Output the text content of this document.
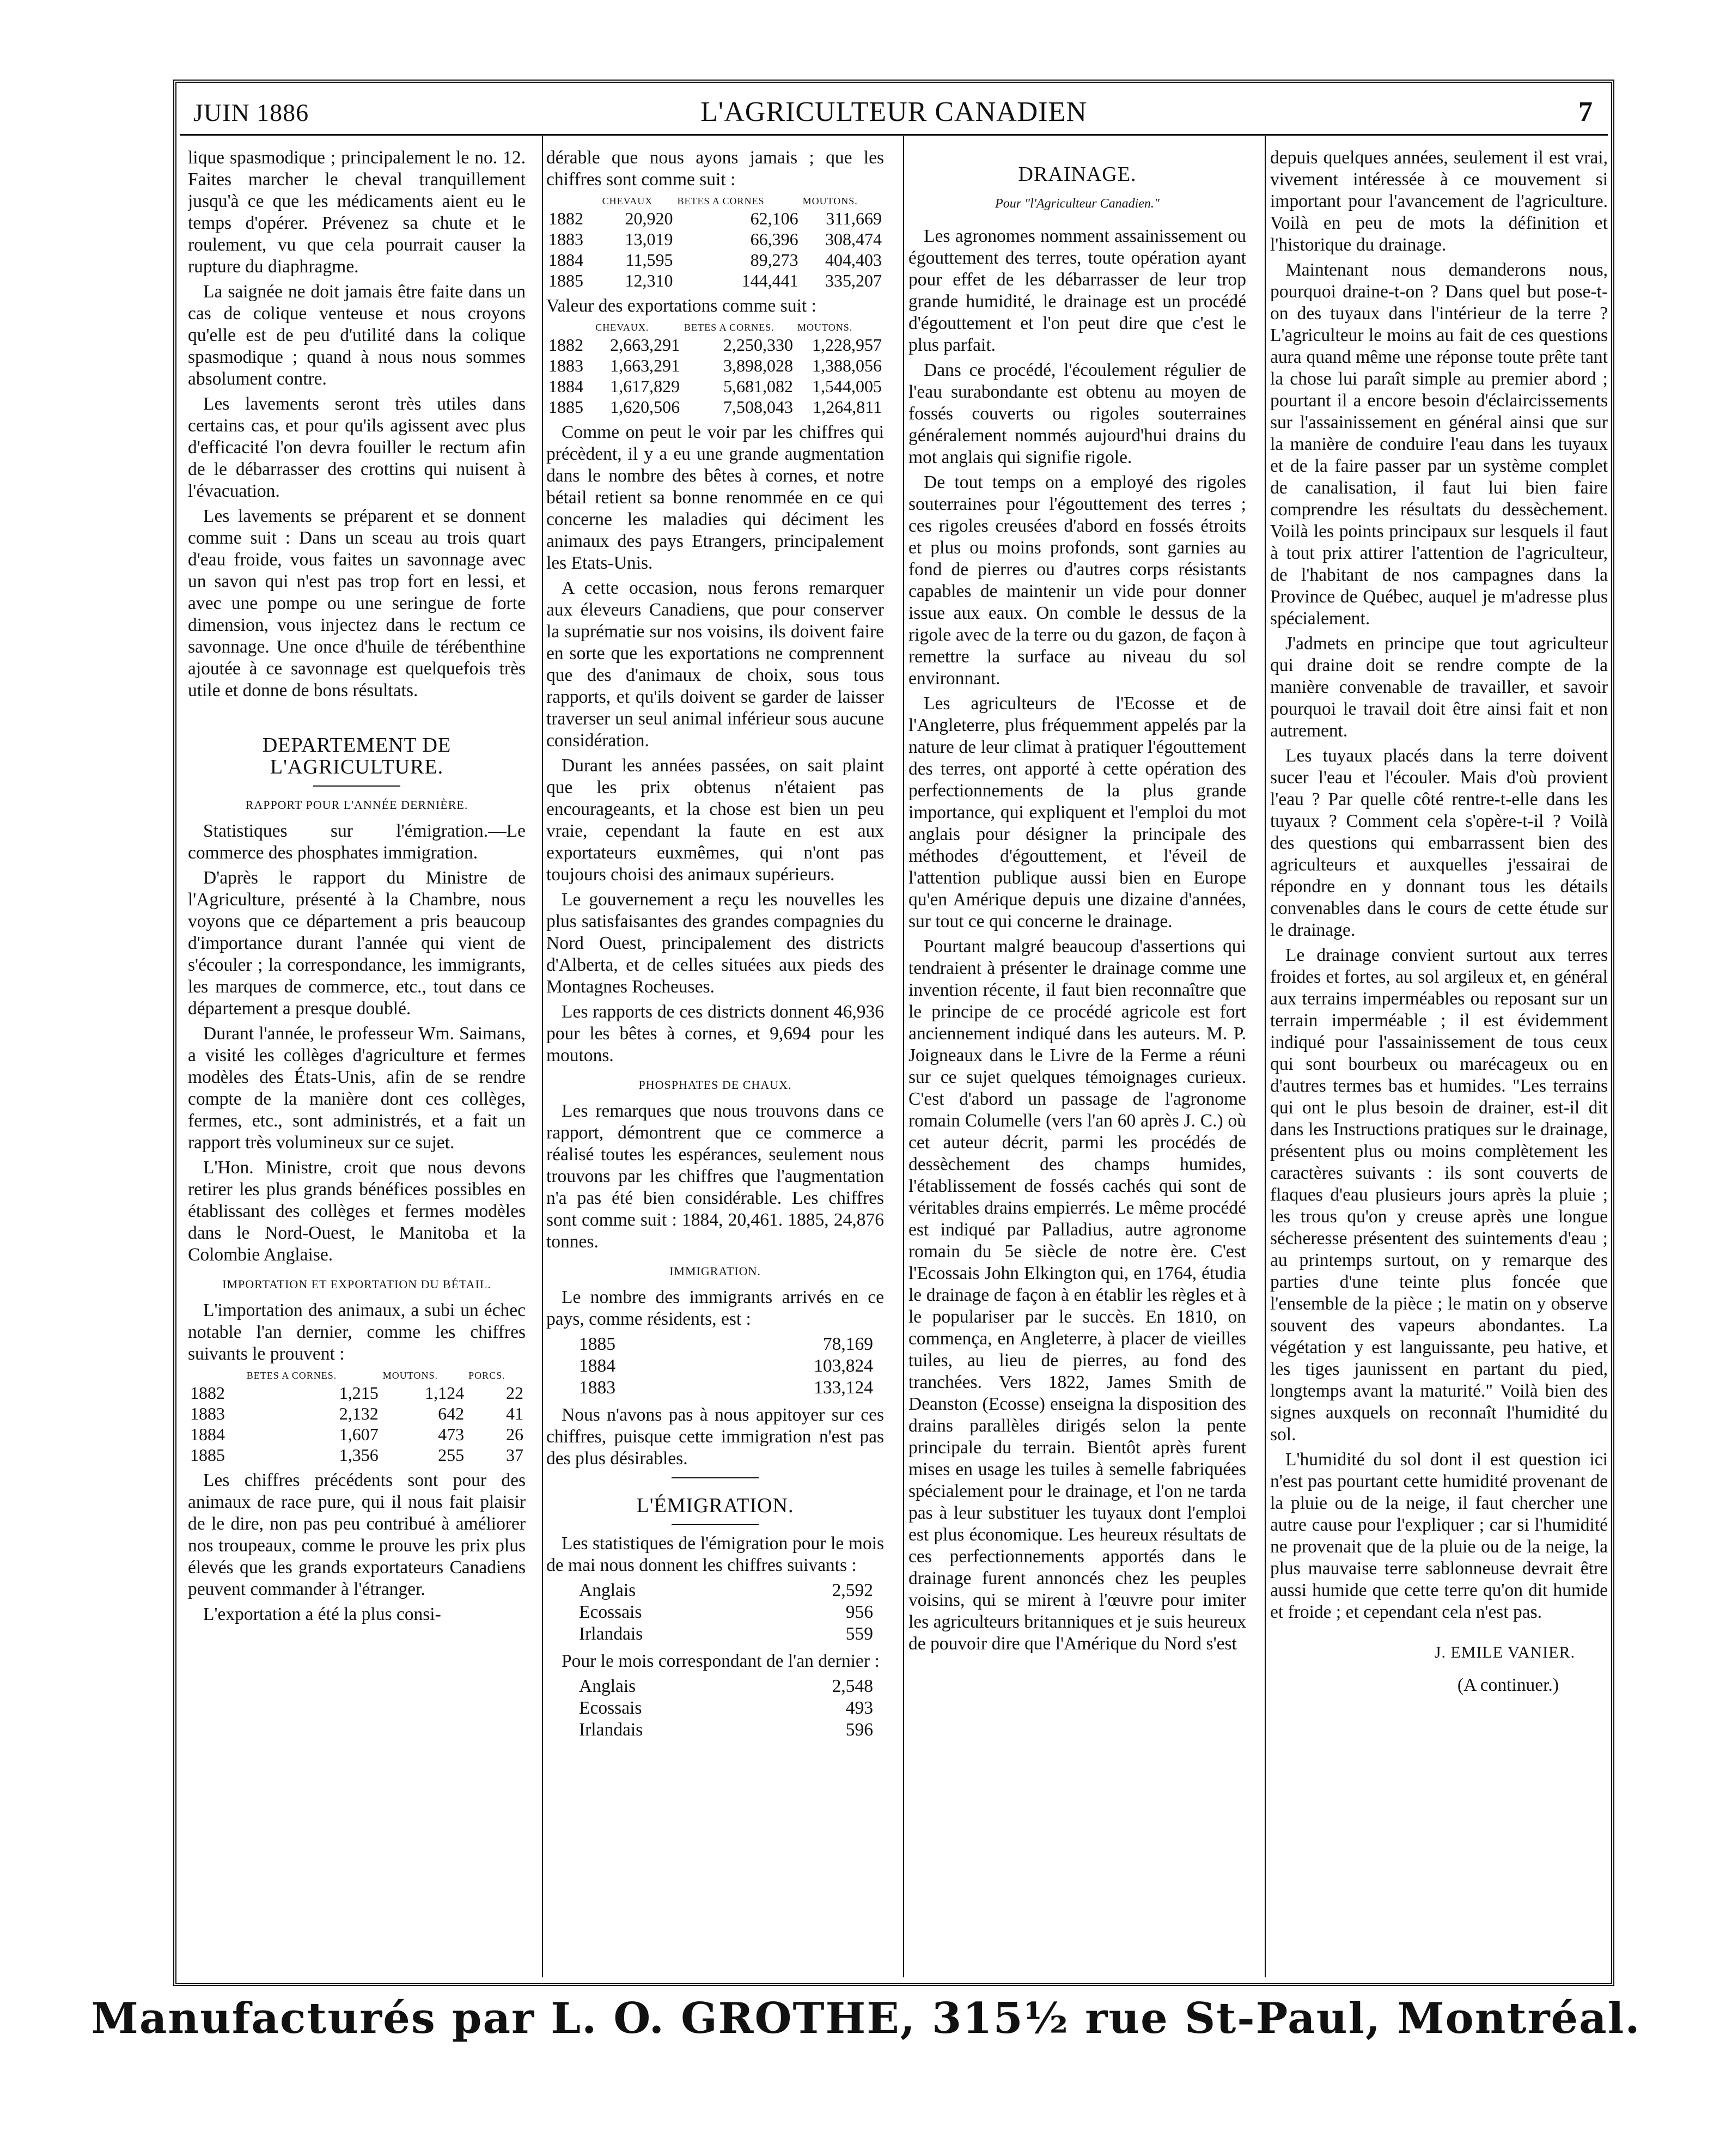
JUIN 1886	L'AGRICULTEUR CANADIEN	7

lique spasmodique ; principalement le no. 12. Faites marcher le cheval tranquillement jusqu'à ce que les médicaments aient eu le temps d'opérer. Prévenez sa chute et le roulement, vu que cela pourrait causer la rupture du diaphragme.

La saignée ne doit jamais être faite dans un cas de colique venteuse et nous croyons qu'elle est de peu d'utilité dans la colique spasmodique ; quand à nous nous sommes absolument contre.

Les lavements seront très utiles dans certains cas, et pour qu'ils agissent avec plus d'efficacité l'on devra fouiller le rectum afin de le débarrasser des crottins qui nuisent à l'évacuation.

Les lavements se préparent et se donnent comme suit : Dans un sceau au trois quart d'eau froide, vous faites un savonnage avec un savon qui n'est pas trop fort en lessi, et avec une pompe ou une seringue de forte dimension, vous injectez dans le rectum ce savonnage. Une once d'huile de térébenthine ajoutée à ce savonnage est quelquefois très utile et donne de bons résultats.

DEPARTEMENT DE L'AGRICULTURE.
RAPPORT POUR L'ANNÉE DERNIÈRE.

Statistiques sur l'émigration.—Le commerce des phosphates immigration.

D'après le rapport du Ministre de l'Agriculture, présenté à la Chambre, nous voyons que ce département a pris beaucoup d'importance durant l'année qui vient de s'écouler ; la correspondance, les immigrants, les marques de commerce, etc., tout dans ce département a presque doublé.

Durant l'année, le professeur Wm. Saimans, a visité les collèges d'agriculture et fermes modèles des États-Unis, afin de se rendre compte de la manière dont ces collèges, fermes, etc., sont administrés, et a fait un rapport très volumineux sur ce sujet.

L'Hon. Ministre, croit que nous devons retirer les plus grands bénéfices possibles en établissant des collèges et fermes modèles dans le Nord-Ouest, le Manitoba et la Colombie Anglaise.

IMPORTATION ET EXPORTATION DU BÉTAIL.

L'importation des animaux, a subi un échec notable l'an dernier, comme les chiffres suivants le prouvent :

	BETES A CORNES.	MOUTONS.	PORCS.
1882	1,215	1,124	22
1883	2,132	642	41
1884	1,607	473	26
1885	1,356	255	37

Les chiffres précédents sont pour des animaux de race pure, qui il nous fait plaisir de le dire, non pas peu contribué à améliorer nos troupeaux, comme le prouve les prix plus élevés que les grands exportateurs Canadiens peuvent commander à l'étranger.

L'exportation a été la plus consi-

dérable que nous ayons jamais ; que les chiffres sont comme suit :

	CHEVAUX	BETES A CORNES	MOUTONS.
1882	20,920	62,106	311,669
1883	13,019	66,396	308,474
1884	11,595	89,273	404,403
1885	12,310	144,441	335,207

Valeur des exportations comme suit :

	CHEVAUX.	BETES A CORNES.	MOUTONS.
1882	2,663,291	2,250,330	1,228,957
1883	1,663,291	3,898,028	1,388,056
1884	1,617,829	5,681,082	1,544,005
1885	1,620,506	7,508,043	1,264,811

Comme on peut le voir par les chiffres qui précèdent, il y a eu une grande augmentation dans le nombre des bêtes à cornes, et notre bétail retient sa bonne renommée en ce qui concerne les maladies qui déciment les animaux des pays Etrangers, principalement les Etats-Unis.

A cette occasion, nous ferons remarquer aux éleveurs Canadiens, que pour conserver la suprématie sur nos voisins, ils doivent faire en sorte que les exportations ne comprennent que des d'animaux de choix, sous tous rapports, et qu'ils doivent se garder de laisser traverser un seul animal inférieur sous aucune considération.

Durant les années passées, on sait plaint que les prix obtenus n'étaient pas encourageants, et la chose est bien un peu vraie, cependant la faute en est aux exportateurs euxmêmes, qui n'ont pas toujours choisi des animaux supérieurs.

Le gouvernement a reçu les nouvelles les plus satisfaisantes des grandes compagnies du Nord Ouest, principalement des districts d'Alberta, et de celles situées aux pieds des Montagnes Rocheuses.

Les rapports de ces districts donnent 46,936 pour les bêtes à cornes, et 9,694 pour les moutons.

PHOSPHATES DE CHAUX.

Les remarques que nous trouvons dans ce rapport, démontrent que ce commerce a réalisé toutes les espérances, seulement nous trouvons par les chiffres que l'augmentation n'a pas été bien considérable. Les chiffres sont comme suit : 1884, 20,461. 1885, 24,876 tonnes.

IMMIGRATION.

Le nombre des immigrants arrivés en ce pays, comme résidents, est :

1885	78,169
1884	103,824
1883	133,124

Nous n'avons pas à nous appitoyer sur ces chiffres, puisque cette immigration n'est pas des plus désirables.

L'ÉMIGRATION.

Les statistiques de l'émigration pour le mois de mai nous donnent les chiffres suivants :

Anglais	2,592
Ecossais	956
Irlandais	559

Pour le mois correspondant de l'an dernier :

Anglais	2,548
Ecossais	493
Irlandais	596
DRAINAGE.
Pour "l'Agriculteur Canadien."

Les agronomes nomment assainissement ou égouttement des terres, toute opération ayant pour effet de les débarrasser de leur trop grande humidité, le drainage est un procédé d'égouttement et l'on peut dire que c'est le plus parfait.

Dans ce procédé, l'écoulement régulier de l'eau surabondante est obtenu au moyen de fossés couverts ou rigoles souterraines généralement nommés aujourd'hui drains du mot anglais qui signifie rigole.

De tout temps on a employé des rigoles souterraines pour l'égouttement des terres ; ces rigoles creusées d'abord en fossés étroits et plus ou moins profonds, sont garnies au fond de pierres ou d'autres corps résistants capables de maintenir un vide pour donner issue aux eaux. On comble le dessus de la rigole avec de la terre ou du gazon, de façon à remettre la surface au niveau du sol environnant.

Les agriculteurs de l'Ecosse et de l'Angleterre, plus fréquemment appelés par la nature de leur climat à pratiquer l'égouttement des terres, ont apporté à cette opération des perfectionnements de la plus grande importance, qui expliquent et l'emploi du mot anglais pour désigner la principale des méthodes d'égouttement, et l'éveil de l'attention publique aussi bien en Europe qu'en Amérique depuis une dizaine d'années, sur tout ce qui concerne le drainage.

Pourtant malgré beaucoup d'assertions qui tendraient à présenter le drainage comme une invention récente, il faut bien reconnaître que le principe de ce procédé agricole est fort anciennement indiqué dans les auteurs. M. P. Joigneaux dans le Livre de la Ferme a réuni sur ce sujet quelques témoignages curieux. C'est d'abord un passage de l'agronome romain Columelle (vers l'an 60 après J. C.) où cet auteur décrit, parmi les procédés de dessèchement des champs humides, l'établissement de fossés cachés qui sont de véritables drains empierrés. Le même procédé est indiqué par Palladius, autre agronome romain du 5e siècle de notre ère. C'est l'Ecossais John Elkington qui, en 1764, étudia le drainage de façon à en établir les règles et à le populariser par le succès. En 1810, on commença, en Angleterre, à placer de vieilles tuiles, au lieu de pierres, au fond des tranchées. Vers 1822, James Smith de Deanston (Ecosse) enseigna la disposition des drains parallèles dirigés selon la pente principale du terrain. Bientôt après furent mises en usage les tuiles à semelle fabriquées spécialement pour le drainage, et l'on ne tarda pas à leur substituer les tuyaux dont l'emploi est plus économique. Les heureux résultats de ces perfectionnements apportés dans le drainage furent annoncés chez les peuples voisins, qui se mirent à l'œuvre pour imiter les agriculteurs britanniques et je suis heureux de pouvoir dire que l'Amérique du Nord s'est

depuis quelques années, seulement il est vrai, vivement intéressée à ce mouvement si important pour l'avancement de l'agriculture. Voilà en peu de mots la définition et l'historique du drainage.

Maintenant nous demanderons nous, pourquoi draine-t-on ? Dans quel but pose-t-on des tuyaux dans l'intérieur de la terre ? L'agriculteur le moins au fait de ces questions aura quand même une réponse toute prête tant la chose lui paraît simple au premier abord ; pourtant il a encore besoin d'éclaircissements sur l'assainissement en général ainsi que sur la manière de conduire l'eau dans les tuyaux et de la faire passer par un système complet de canalisation, il faut lui bien faire comprendre les résultats du dessèchement. Voilà les points principaux sur lesquels il faut à tout prix attirer l'attention de l'agriculteur, de l'habitant de nos campagnes dans la Province de Québec, auquel je m'adresse plus spécialement.

J'admets en principe que tout agriculteur qui draine doit se rendre compte de la manière convenable de travailler, et savoir pourquoi le travail doit être ainsi fait et non autrement.

Les tuyaux placés dans la terre doivent sucer l'eau et l'écouler. Mais d'où provient l'eau ? Par quelle côté rentre-t-elle dans les tuyaux ? Comment cela s'opère-t-il ? Voilà des questions qui embarrassent bien des agriculteurs et auxquelles j'essairai de répondre en y donnant tous les détails convenables dans le cours de cette étude sur le drainage.

Le drainage convient surtout aux terres froides et fortes, au sol argileux et, en général aux terrains imperméables ou reposant sur un terrain imperméable ; il est évidemment indiqué pour l'assainissement de tous ceux qui sont bourbeux ou marécageux ou en d'autres termes bas et humides. "Les terrains qui ont le plus besoin de drainer, est-il dit dans les Instructions pratiques sur le drainage, présentent plus ou moins complètement les caractères suivants : ils sont couverts de flaques d'eau plusieurs jours après la pluie ; les trous qu'on y creuse après une longue sécheresse présentent des suintements d'eau ; au printemps surtout, on y remarque des parties d'une teinte plus foncée que l'ensemble de la pièce ; le matin on y observe souvent des vapeurs abondantes. La végétation y est languissante, peu hative, et les tiges jaunissent en partant du pied, longtemps avant la maturité." Voilà bien des signes auxquels on reconnaît l'humidité du sol.

L'humidité du sol dont il est question ici n'est pas pourtant cette humidité provenant de la pluie ou de la neige, il faut chercher une autre cause pour l'expliquer ; car si l'humidité ne provenait que de la pluie ou de la neige, la plus mauvaise terre sablonneuse devrait être aussi humide que cette terre qu'on dit humide et froide ; et cependant cela n'est pas.

J. EMILE VANIER.
(A continuer.)
Manufacturés par L. O. GROTHE, 315½ rue St-Paul, Montréal.
